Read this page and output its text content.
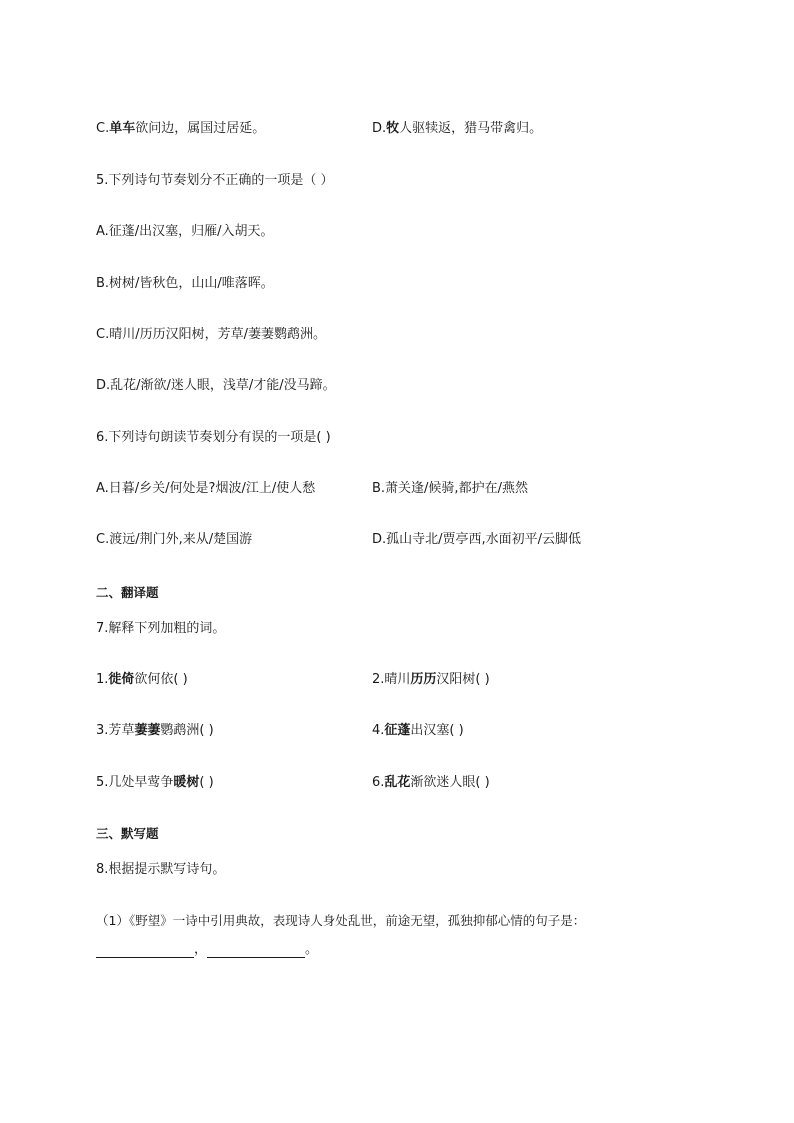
C.单车欲问边，属国过居延。	D.牧人驱犊返，猎马带禽归。
5.下列诗句节奏划分不正确的一项是（ ）
A.征蓬/出汉塞，归雁/入胡天。
B.树树/皆秋色，山山/唯落晖。
C.晴川/历历汉阳树，芳草/萋萋鹦鹉洲。
D.乱花/渐欲/迷人眼，浅草/才能/没马蹄。
6.下列诗句朗读节奏划分有误的一项是( )
A.日暮/乡关/何处是?烟波/江上/使人愁	B.萧关逢/候骑,都护在/燕然
C.渡远/荆门外,来从/楚国游	D.孤山寺北/贾亭西,水面初平/云脚低
二、翻译题
7.解释下列加粗的词。
1.徙倚欲何依( )	2.晴川历历汉阳树( )
3.芳草萋萋鹦鹉洲( )	4.征蓬出汉塞( )
5.几处早莺争暖树( )	6.乱花渐欲迷人眼( )
三、默写题
8.根据提示默写诗句。
（1）《野望》一诗中引用典故，表现诗人身处乱世，前途无望，孤独抑郁心情的句子是：
，	。
